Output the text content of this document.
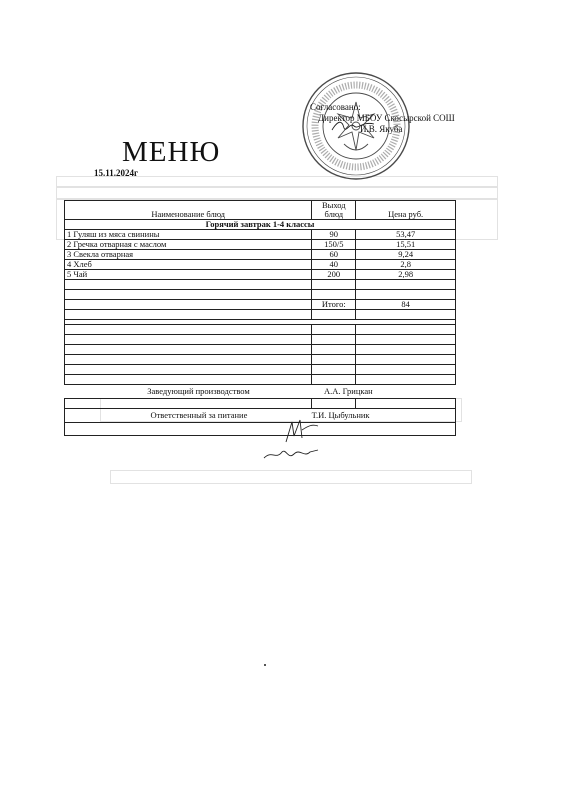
Согласовано:
Директор МБОУ Скосырской СОШ
И.В. Якуба
МЕНЮ
15.11.2024г
Наименование блюд	Выход блюд	Цена руб.
Горячий завтрак 1-4 классы		
1 Гуляш из мяса свинины	90	53,47
2 Гречка отварная с маслом	150/5	15,51
3 Свекла отварная	60	9,24
4 Хлеб	40	2,8
5 Чай	200	2,98

	Итого:	84

Заведующий производством А.А. Грицкан		

Ответственный за питание Т.И. Цыбульник		
